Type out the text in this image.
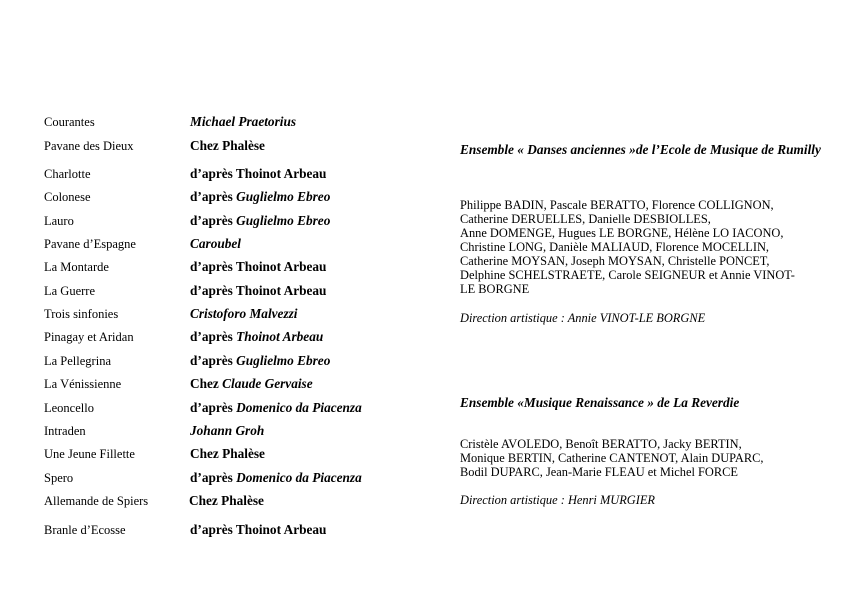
Courantes	Michael Praetorius
Pavane des Dieux	Chez Phalèse
Charlotte	d’après Thoinot Arbeau
Colonese	d’après Guglielmo Ebreo
Lauro	d’après Guglielmo Ebreo
Pavane d’Espagne	Caroubel
La Montarde	d’après Thoinot Arbeau
La Guerre	d’après Thoinot Arbeau
Trois sinfonies	Cristoforo Malvezzi
Pinagay et Aridan	d’après Thoinot Arbeau
La Pellegrina	d’après Guglielmo Ebreo
La Vénissienne	Chez Claude Gervaise
Leoncello	d’après Domenico da Piacenza
Intraden	Johann Groh
Une Jeune Fillette	Chez Phalèse
Spero	d’après Domenico da Piacenza
Allemande de Spiers	Chez Phalèse
Branle d’Ecosse	d’après Thoinot Arbeau
Ensemble « Danses anciennes »de l’Ecole de Musique de Rumilly
Philippe BADIN, Pascale BERATTO, Florence COLLIGNON,
Catherine DERUELLES, Danielle DESBIOLLES,
Anne DOMENGE, Hugues LE BORGNE, Hélène LO IACONO,
Christine LONG, Danièle MALIAUD, Florence MOCELLIN,
Catherine MOYSAN, Joseph MOYSAN, Christelle PONCET,
Delphine SCHELSTRAETE, Carole SEIGNEUR et Annie VINOT-
LE BORGNE
Direction artistique : Annie VINOT-LE BORGNE
Ensemble «Musique Renaissance » de La Reverdie
Cristèle AVOLEDO, Benoît BERATTO, Jacky BERTIN,
Monique BERTIN, Catherine CANTENOT, Alain DUPARC,
Bodil DUPARC, Jean-Marie FLEAU et Michel FORCE
Direction artistique : Henri MURGIER
